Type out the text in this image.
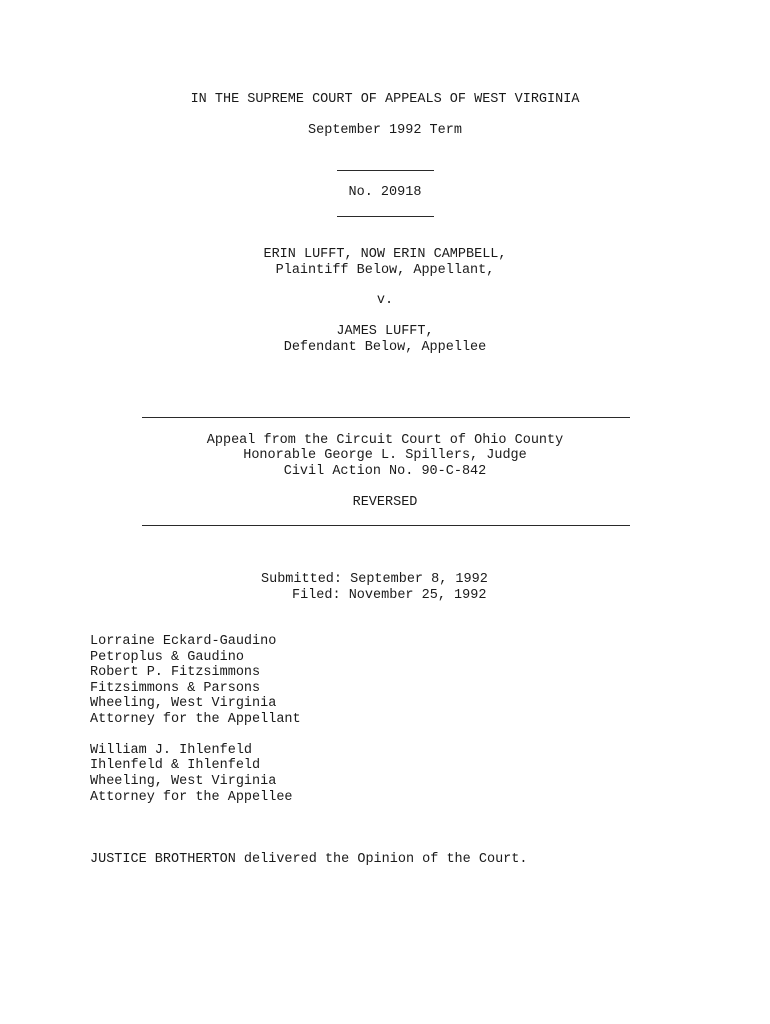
IN THE SUPREME COURT OF APPEALS OF WEST VIRGINIA
September 1992 Term
No. 20918
ERIN LUFFT, NOW ERIN CAMPBELL,
Plaintiff Below, Appellant,
v.
JAMES LUFFT,
Defendant Below, Appellee
Appeal from the Circuit Court of Ohio County
Honorable George L. Spillers, Judge
Civil Action No. 90-C-842
REVERSED
Submitted: September 8, 1992
Filed: November 25, 1992
Lorraine Eckard-Gaudino
Petroplus & Gaudino
Robert P. Fitzsimmons
Fitzsimmons & Parsons
Wheeling, West Virginia
Attorney for the Appellant
William J. Ihlenfeld
Ihlenfeld & Ihlenfeld
Wheeling, West Virginia
Attorney for the Appellee
JUSTICE BROTHERTON delivered the Opinion of the Court.
